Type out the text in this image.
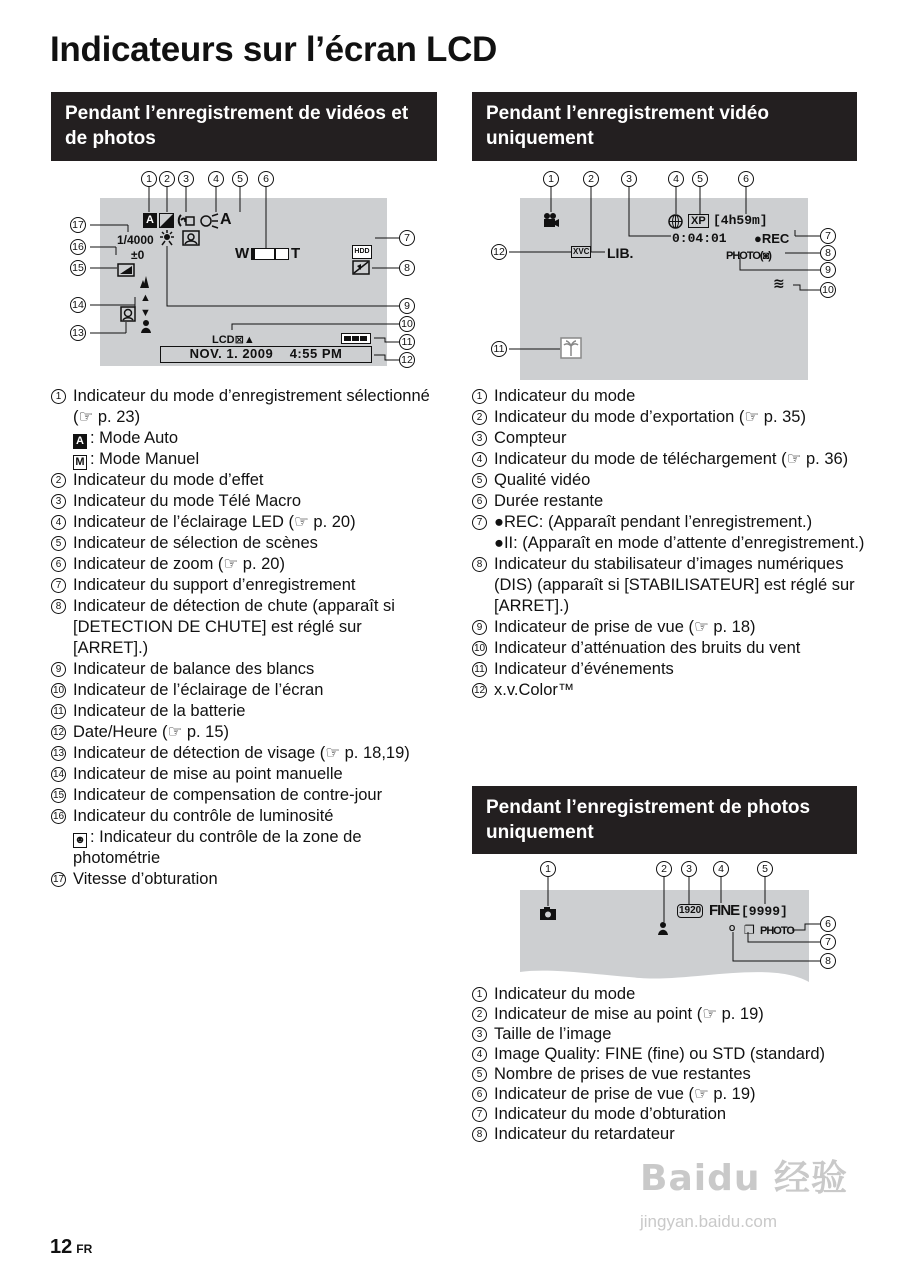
Indicateurs sur l’écran LCD
Pendant l’enregistrement de vidéos et de photos
1/4000
±0
A	A
W	T	HDD
▲
▼
LCD⊠▲
NOV. 1. 2009    4:55 PM
1	2	3	4	5	6
7
8
9
10
11
12
13
14
15
16
17
1 Indicateur du mode d’enregistrement sélectionné (☞ p. 23)
A : Mode Auto
M : Mode Manuel
2 Indicateur du mode d’effet
3 Indicateur du mode Télé Macro
4 Indicateur de l’éclairage LED (☞ p. 20)
5 Indicateur de sélection de scènes
6 Indicateur de zoom (☞ p. 20)
7 Indicateur du support d’enregistrement
8 Indicateur de détection de chute (apparaît si [DETECTION DE CHUTE] est réglé sur [ARRET].)
9 Indicateur de balance des blancs
10 Indicateur de l’éclairage de l’écran
11 Indicateur de la batterie
12 Date/Heure (☞ p. 15)
13 Indicateur de détection de visage (☞ p. 18,19)
14 Indicateur de mise au point manuelle
15 Indicateur de compensation de contre-jour
16 Indicateur du contrôle de luminosité
☻ : Indicateur du contrôle de la zone de photométrie
17 Vitesse d’obturation
Pendant l’enregistrement vidéo uniquement
XP [4h59m]
0:04:01 ●REC
XVC LIB.	PHOTO(◙)
≋
1	2	3	4	5	6
7
8
9
10
11
12
1 Indicateur du mode
2 Indicateur du mode d’exportation (☞ p. 35)
3 Compteur
4 Indicateur du mode de téléchargement (☞ p. 36)
5 Qualité vidéo
6 Durée restante
7 ●REC: (Apparaît pendant l’enregistrement.)
●II: (Apparaît en mode d’attente d’enregistrement.)
8 Indicateur du stabilisateur d’images numériques (DIS) (apparaît si [STABILISATEUR] est réglé sur [ARRET].)
9 Indicateur de prise de vue (☞ p. 18)
10 Indicateur d’atténuation des bruits du vent
11 Indicateur d’événements
12 x.v.Color™
Pendant l’enregistrement de photos uniquement
1920 FINE [9999]
ᴼ ❐ PHOTO
1	2	3	4	5
6
7
8
1 Indicateur du mode
2 Indicateur de mise au point (☞ p. 19)
3 Taille de l’image
4 Image Quality: FINE (fine) ou STD (standard)
5 Nombre de prises de vue restantes
6 Indicateur de prise de vue (☞ p. 19)
7 Indicateur du mode d’obturation
8 Indicateur du retardateur
Baidu 经验
jingyan.baidu.com
12 FR
